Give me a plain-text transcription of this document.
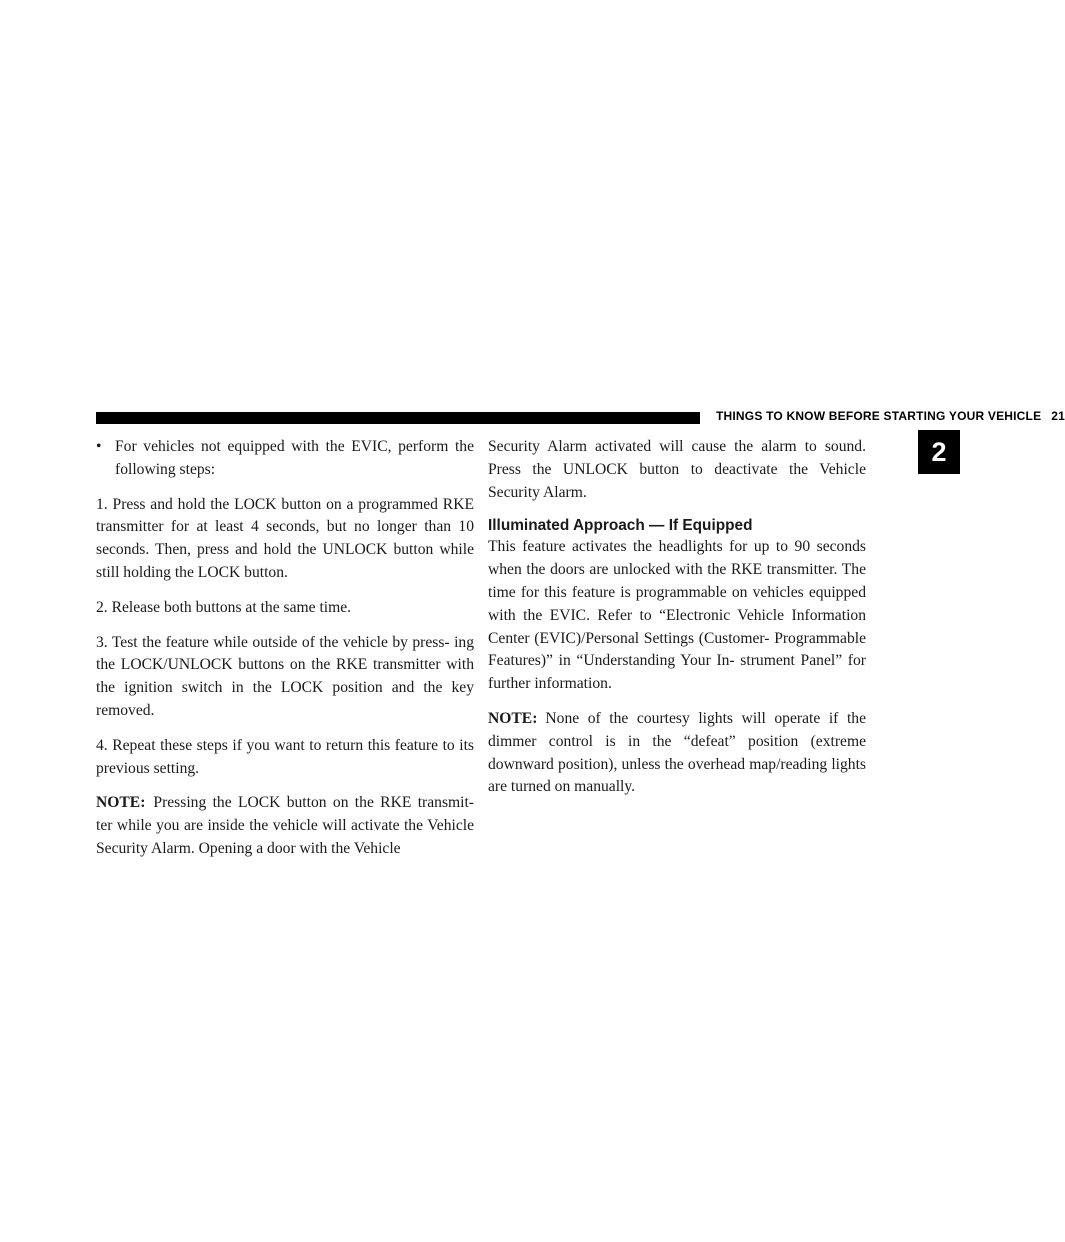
THINGS TO KNOW BEFORE STARTING YOUR VEHICLE 21
2

• For vehicles not equipped with the EVIC, perform the following steps:

1. Press and hold the LOCK button on a programmed RKE transmitter for at least 4 seconds, but no longer than 10 seconds. Then, press and hold the UNLOCK button while still holding the LOCK button.

2. Release both buttons at the same time.

3. Test the feature while outside of the vehicle by press- ing the LOCK/UNLOCK buttons on the RKE transmitter with the ignition switch in the LOCK position and the key removed.

4. Repeat these steps if you want to return this feature to its previous setting.

NOTE: Pressing the LOCK button on the RKE transmit- ter while you are inside the vehicle will activate the Vehicle Security Alarm. Opening a door with the Vehicle

Security Alarm activated will cause the alarm to sound. Press the UNLOCK button to deactivate the Vehicle Security Alarm.

Illuminated Approach — If Equipped

This feature activates the headlights for up to 90 seconds when the doors are unlocked with the RKE transmitter. The time for this feature is programmable on vehicles equipped with the EVIC. Refer to “Electronic Vehicle Information Center (EVIC)/Personal Settings (Customer- Programmable Features)” in “Understanding Your In- strument Panel” for further information.

NOTE: None of the courtesy lights will operate if the dimmer control is in the “defeat” position (extreme downward position), unless the overhead map/reading lights are turned on manually.
